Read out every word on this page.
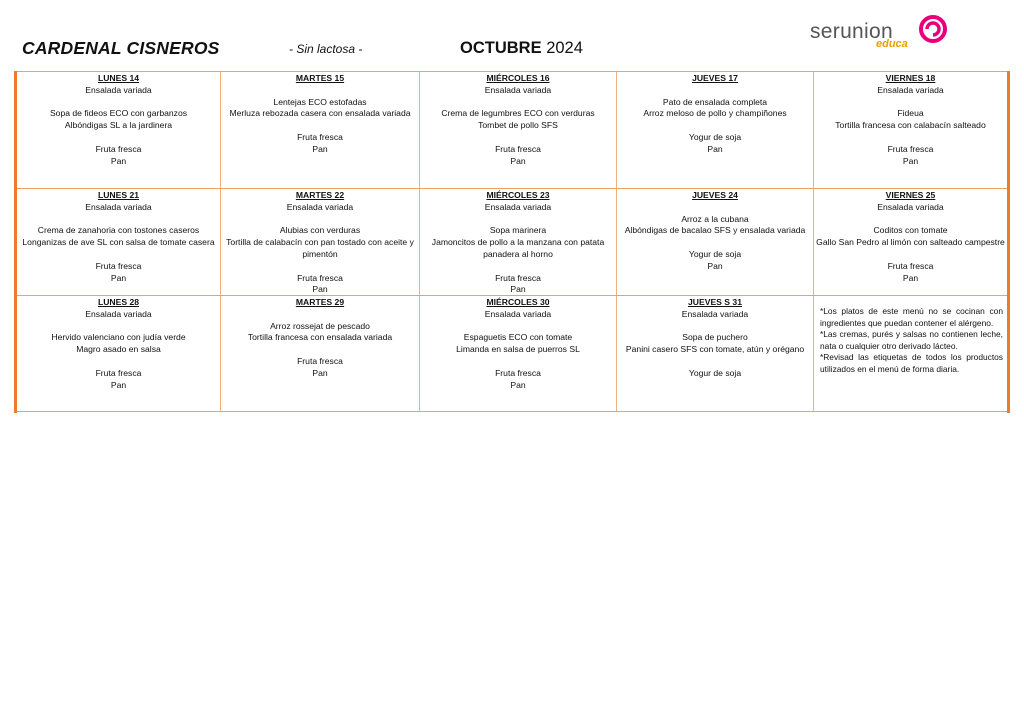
CARDENAL CISNEROS	- Sin lactosa -	OCTUBRE 2024
serunion
educa
LUNES 14
Ensalada variada
Sopa de fideos ECO con garbanzos
Albóndigas SL a la jardinera
Fruta fresca
Pan
MARTES 15
Lentejas ECO estofadas
Merluza rebozada casera con ensalada variada
Fruta fresca
Pan
MIÉRCOLES 16
Ensalada variada
Crema de legumbres ECO con verduras
Tombet de pollo SFS
Fruta fresca
Pan
JUEVES 17
Pato de ensalada completa
Arroz meloso de pollo y champiñones
Yogur de soja
Pan
VIERNES 18
Ensalada variada
Fideua
Tortilla francesa con calabacín salteado
Fruta fresca
Pan
LUNES 21
Ensalada variada
Crema de zanahoria con tostones caseros
Longanizas de ave SL con salsa de tomate casera
Fruta fresca
Pan
MARTES 22
Ensalada variada
Alubias con verduras
Tortilla de calabacín con pan tostado con aceite y pimentón
Fruta fresca
Pan
MIÉRCOLES 23
Ensalada variada
Sopa marinera
Jamoncitos de pollo a la manzana con patata panadera al horno
Fruta fresca
Pan
JUEVES 24
Arroz a la cubana
Albóndigas de bacalao SFS y ensalada variada
Yogur de soja
Pan
VIERNES 25
Ensalada variada
Coditos con tomate
Gallo San Pedro al limón con salteado campestre
Fruta fresca
Pan
LUNES 28
Ensalada variada
Hervido valenciano con judía verde
Magro asado en salsa
Fruta fresca
Pan
MARTES 29
Arroz rossejat de pescado
Tortilla francesa con ensalada variada
Fruta fresca
Pan
MIÉRCOLES 30
Ensalada variada
Espaguetis ECO con tomate
Limanda en salsa de puerros SL
Fruta fresca
Pan
JUEVES S 31
Ensalada variada
Sopa de puchero
Panini casero SFS con tomate, atún y orégano
Yogur de soja
*Los platos de este menú no se cocinan con ingredientes que puedan contener el alérgeno.
*Las cremas, purés y salsas no contienen leche, nata o cualquier otro derivado lácteo.
*Revisad las etiquetas de todos los productos utilizados en el menú de forma diaria.
